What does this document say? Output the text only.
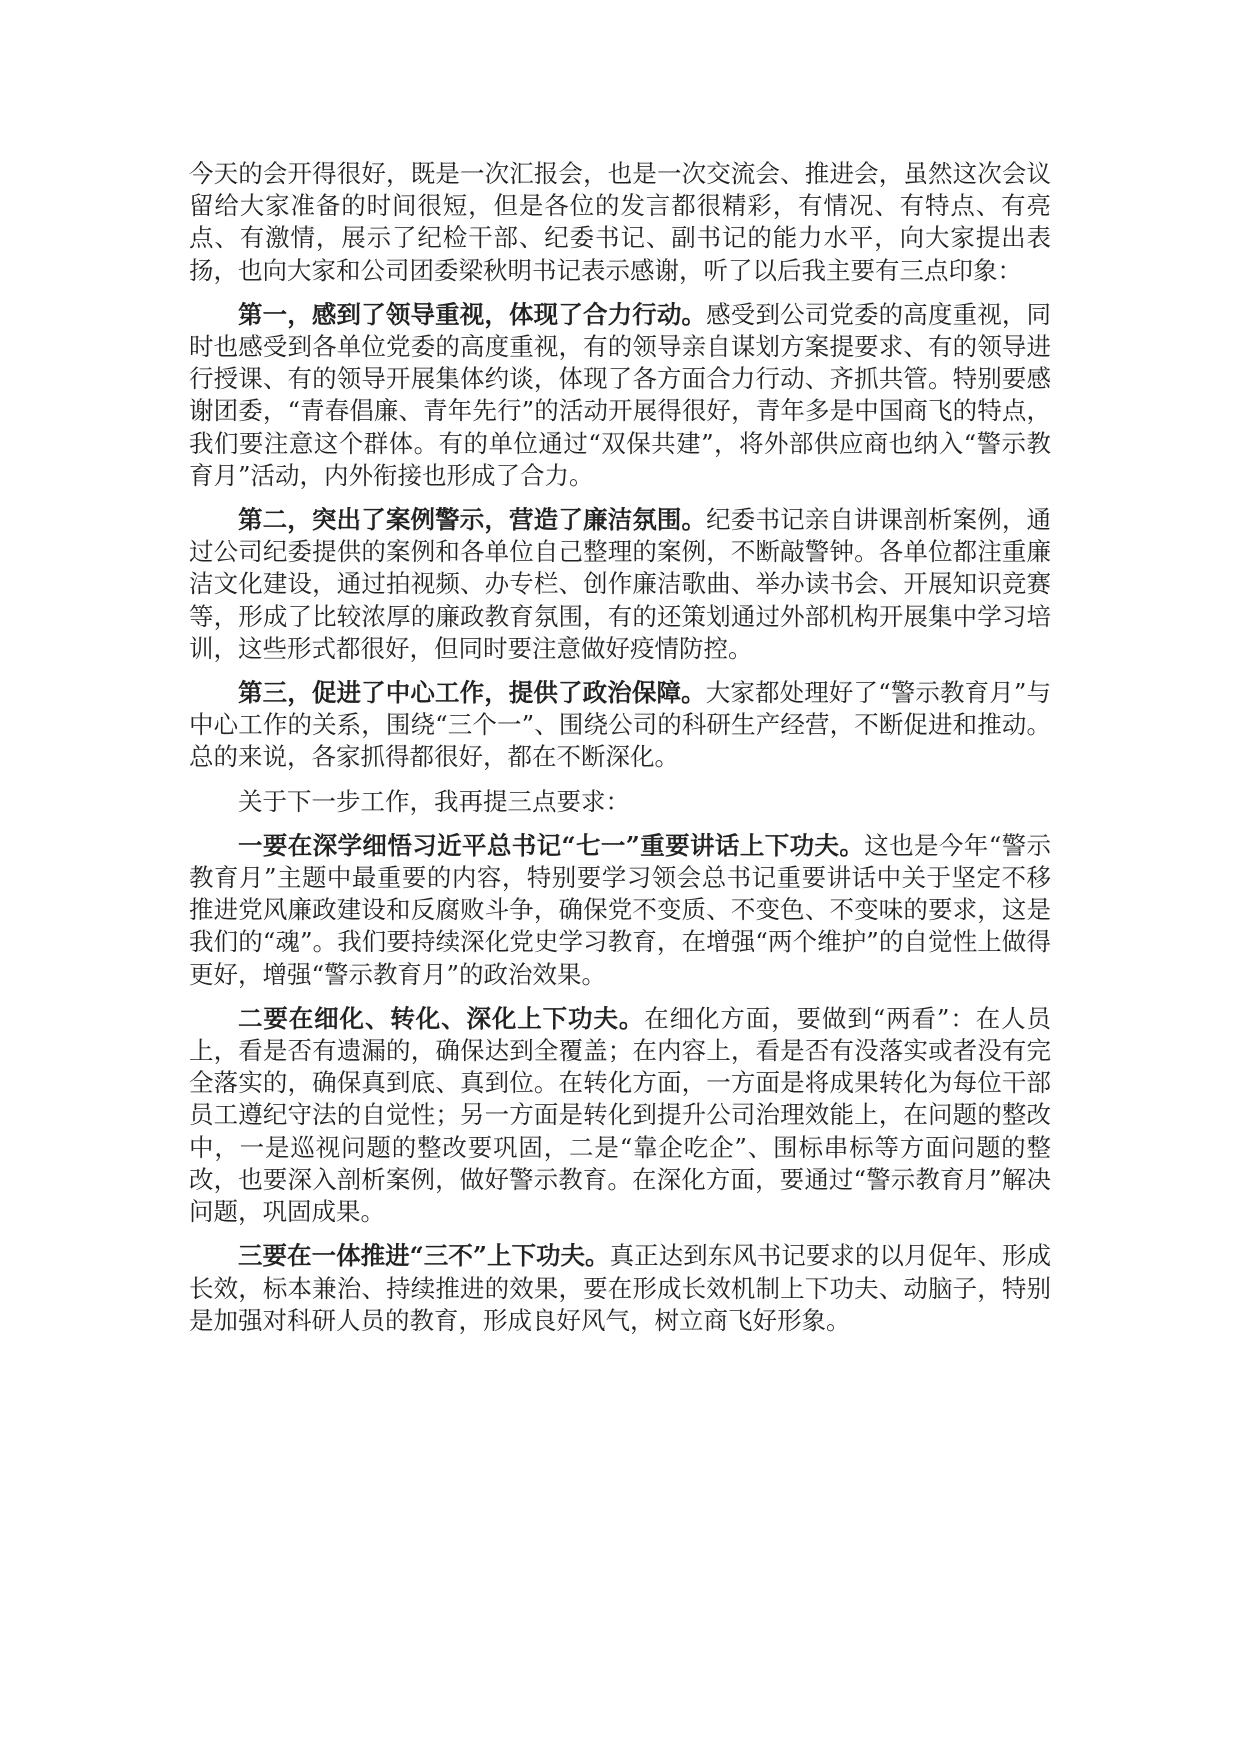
今天的会开得很好，既是一次汇报会，也是一次交流会、推进会，虽然这次会议留给大家准备的时间很短，但是各位的发言都很精彩，有情况、有特点、有亮点、有激情，展示了纪检干部、纪委书记、副书记的能力水平，向大家提出表扬，也向大家和公司团委梁秋明书记表示感谢，听了以后我主要有三点印象：

第一，感到了领导重视，体现了合力行动。感受到公司党委的高度重视，同时也感受到各单位党委的高度重视，有的领导亲自谋划方案提要求、有的领导进行授课、有的领导开展集体约谈，体现了各方面合力行动、齐抓共管。特别要感谢团委，“青春倡廉、青年先行”的活动开展得很好，青年多是中国商飞的特点，我们要注意这个群体。有的单位通过“双保共建”，将外部供应商也纳入“警示教育月”活动，内外衔接也形成了合力。

第二，突出了案例警示，营造了廉洁氛围。纪委书记亲自讲课剖析案例，通过公司纪委提供的案例和各单位自己整理的案例，不断敲警钟。各单位都注重廉洁文化建设，通过拍视频、办专栏、创作廉洁歌曲、举办读书会、开展知识竞赛等，形成了比较浓厚的廉政教育氛围，有的还策划通过外部机构开展集中学习培训，这些形式都很好，但同时要注意做好疫情防控。

第三，促进了中心工作，提供了政治保障。大家都处理好了“警示教育月”与中心工作的关系，围绕“三个一”、围绕公司的科研生产经营，不断促进和推动。总的来说，各家抓得都很好，都在不断深化。

关于下一步工作，我再提三点要求：

一要在深学细悟习近平总书记“七一”重要讲话上下功夫。这也是今年“警示教育月”主题中最重要的内容，特别要学习领会总书记重要讲话中关于坚定不移推进党风廉政建设和反腐败斗争，确保党不变质、不变色、不变味的要求，这是我们的“魂”。我们要持续深化党史学习教育，在增强“两个维护”的自觉性上做得更好，增强“警示教育月”的政治效果。

二要在细化、转化、深化上下功夫。在细化方面，要做到“两看”：在人员上，看是否有遗漏的，确保达到全覆盖；在内容上，看是否有没落实或者没有完全落实的，确保真到底、真到位。在转化方面，一方面是将成果转化为每位干部员工遵纪守法的自觉性；另一方面是转化到提升公司治理效能上，在问题的整改中，一是巡视问题的整改要巩固，二是“靠企吃企”、围标串标等方面问题的整改，也要深入剖析案例，做好警示教育。在深化方面，要通过“警示教育月”解决问题，巩固成果。

三要在一体推进“三不”上下功夫。真正达到东风书记要求的以月促年、形成长效，标本兼治、持续推进的效果，要在形成长效机制上下功夫、动脑子，特别是加强对科研人员的教育，形成良好风气，树立商飞好形象。
